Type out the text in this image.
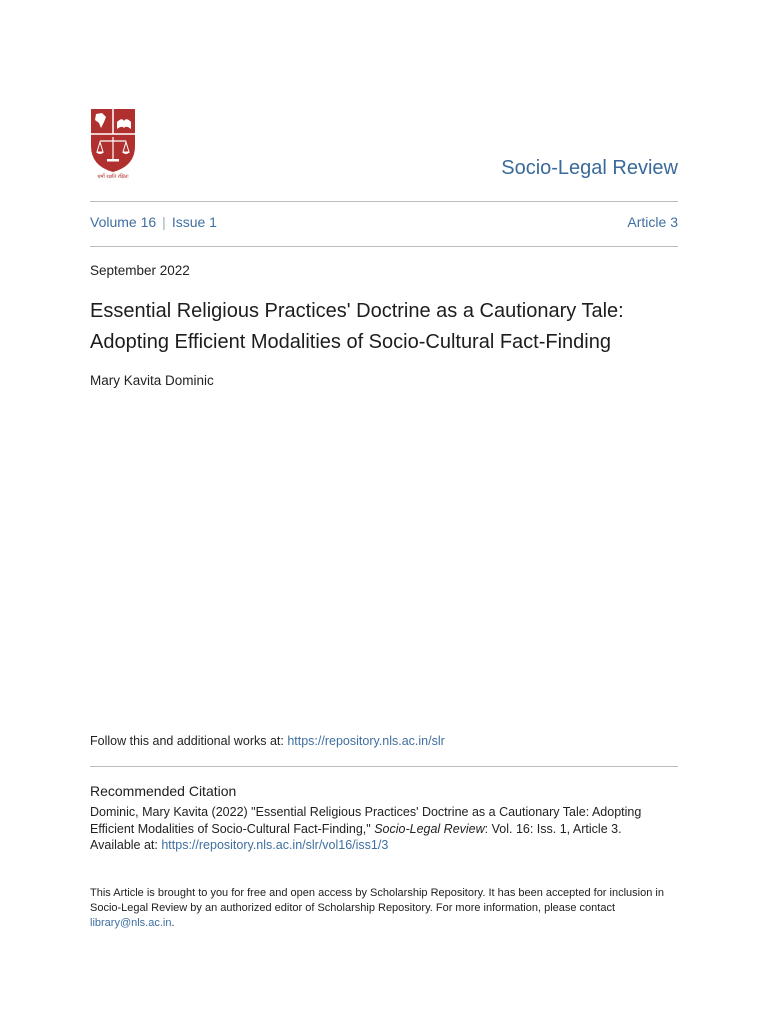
धर्मो रक्षति रक्षितः	Socio-Legal Review
Volume 16 | Issue 1	Article 3
September 2022
Essential Religious Practices' Doctrine as a Cautionary Tale:
Adopting Efficient Modalities of Socio-Cultural Fact-Finding
Mary Kavita Dominic
Follow this and additional works at: https://repository.nls.ac.in/slr
Recommended Citation
Dominic, Mary Kavita (2022) "Essential Religious Practices' Doctrine as a Cautionary Tale: Adopting Efficient Modalities of Socio-Cultural Fact-Finding," Socio-Legal Review: Vol. 16: Iss. 1, Article 3.
Available at: https://repository.nls.ac.in/slr/vol16/iss1/3
This Article is brought to you for free and open access by Scholarship Repository. It has been accepted for inclusion in Socio-Legal Review by an authorized editor of Scholarship Repository. For more information, please contact library@nls.ac.in.
